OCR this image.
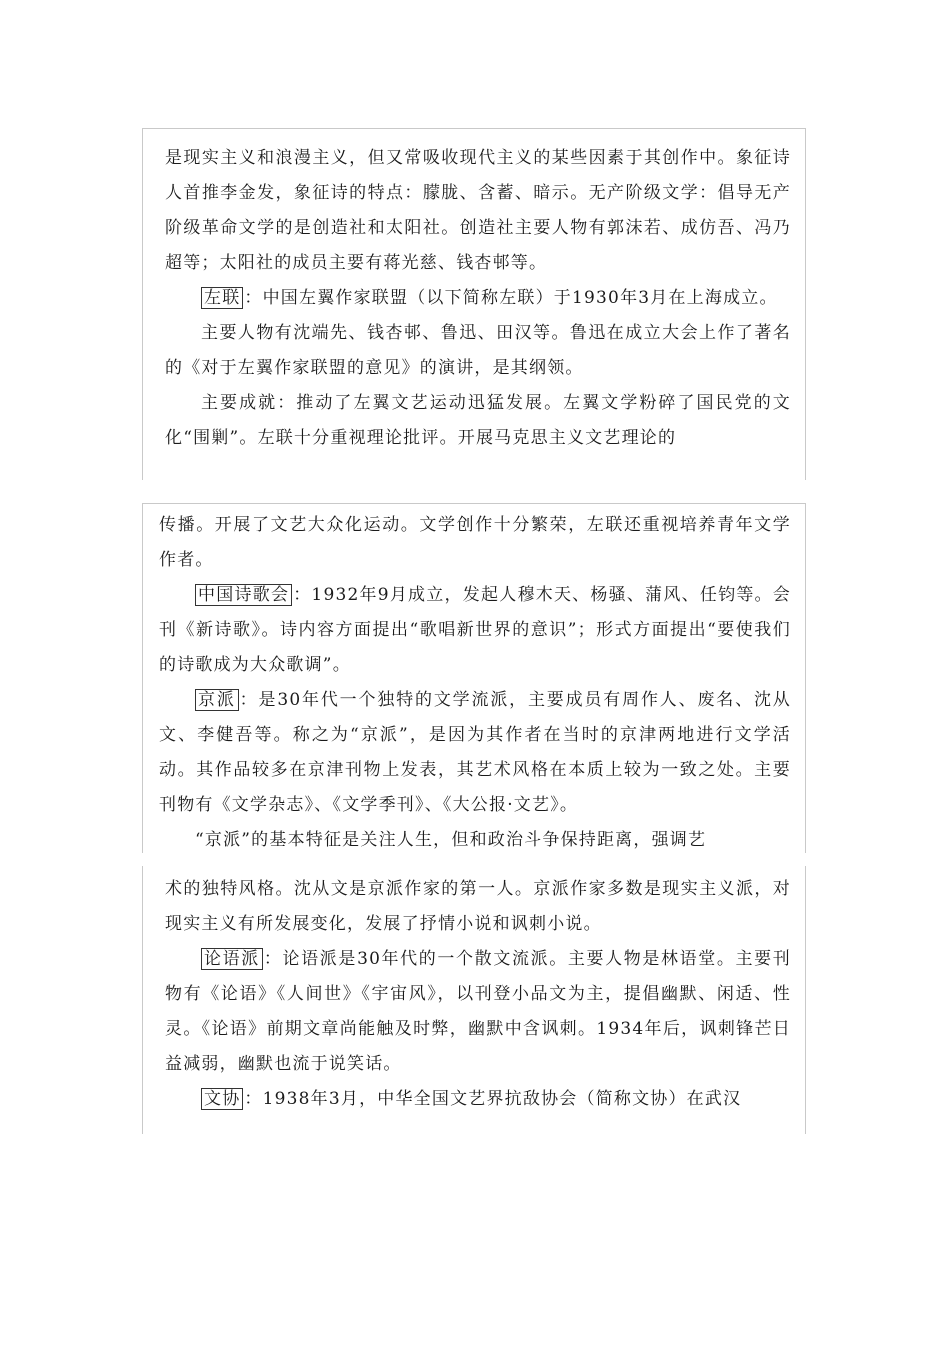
是现实主义和浪漫主义，但又常吸收现代主义的某些因素于其创作中。象征诗人首推李金发，象征诗的特点：朦胧、含蓄、暗示。无产阶级文学：倡导无产阶级革命文学的是创造社和太阳社。创造社主要人物有郭沫若、成仿吾、冯乃超等；太阳社的成员主要有蒋光慈、钱杏邨等。

左联 ：中国左翼作家联盟（以下简称左联）于1930年3月在上海成立。

主要人物有沈端先、钱杏邨、鲁迅、田汉等。鲁迅在成立大会上作了著名的《对于左翼作家联盟的意见》的演讲，是其纲领。

主要成就：推动了左翼文艺运动迅猛发展。左翼文学粉碎了国民党的文化“围剿”。左联十分重视理论批评。开展马克思主义文艺理论的

传播。开展了文艺大众化运动。文学创作十分繁荣，左联还重视培养青年文学作者。

中国诗歌会 ：1932年9月成立，发起人穆木天、杨骚、蒲风、任钧等。会刊《新诗歌》。诗内容方面提出“歌唱新世界的意识”；形式方面提出“要使我们的诗歌成为大众歌调”。

京派 ：是30年代一个独特的文学流派，主要成员有周作人、废名、沈从文、李健吾等。称之为“京派”，是因为其作者在当时的京津两地进行文学活动。其作品较多在京津刊物上发表，其艺术风格在本质上较为一致之处。主要刊物有《文学杂志》、《文学季刊》、《大公报·文艺》。

“京派”的基本特征是关注人生，但和政治斗争保持距离，强调艺

术的独特风格。沈从文是京派作家的第一人。京派作家多数是现实主义派，对现实主义有所发展变化，发展了抒情小说和讽刺小说。

论语派 ：论语派是30年代的一个散文流派。主要人物是林语堂。主要刊物有《论语》《人间世》《宇宙风》，以刊登小品文为主，提倡幽默、闲适、性灵。《论语》前期文章尚能触及时弊，幽默中含讽刺。1934年后，讽刺锋芒日益减弱，幽默也流于说笑话。

文协 ：1938年3月，中华全国文艺界抗敌协会（简称文协）在武汉
